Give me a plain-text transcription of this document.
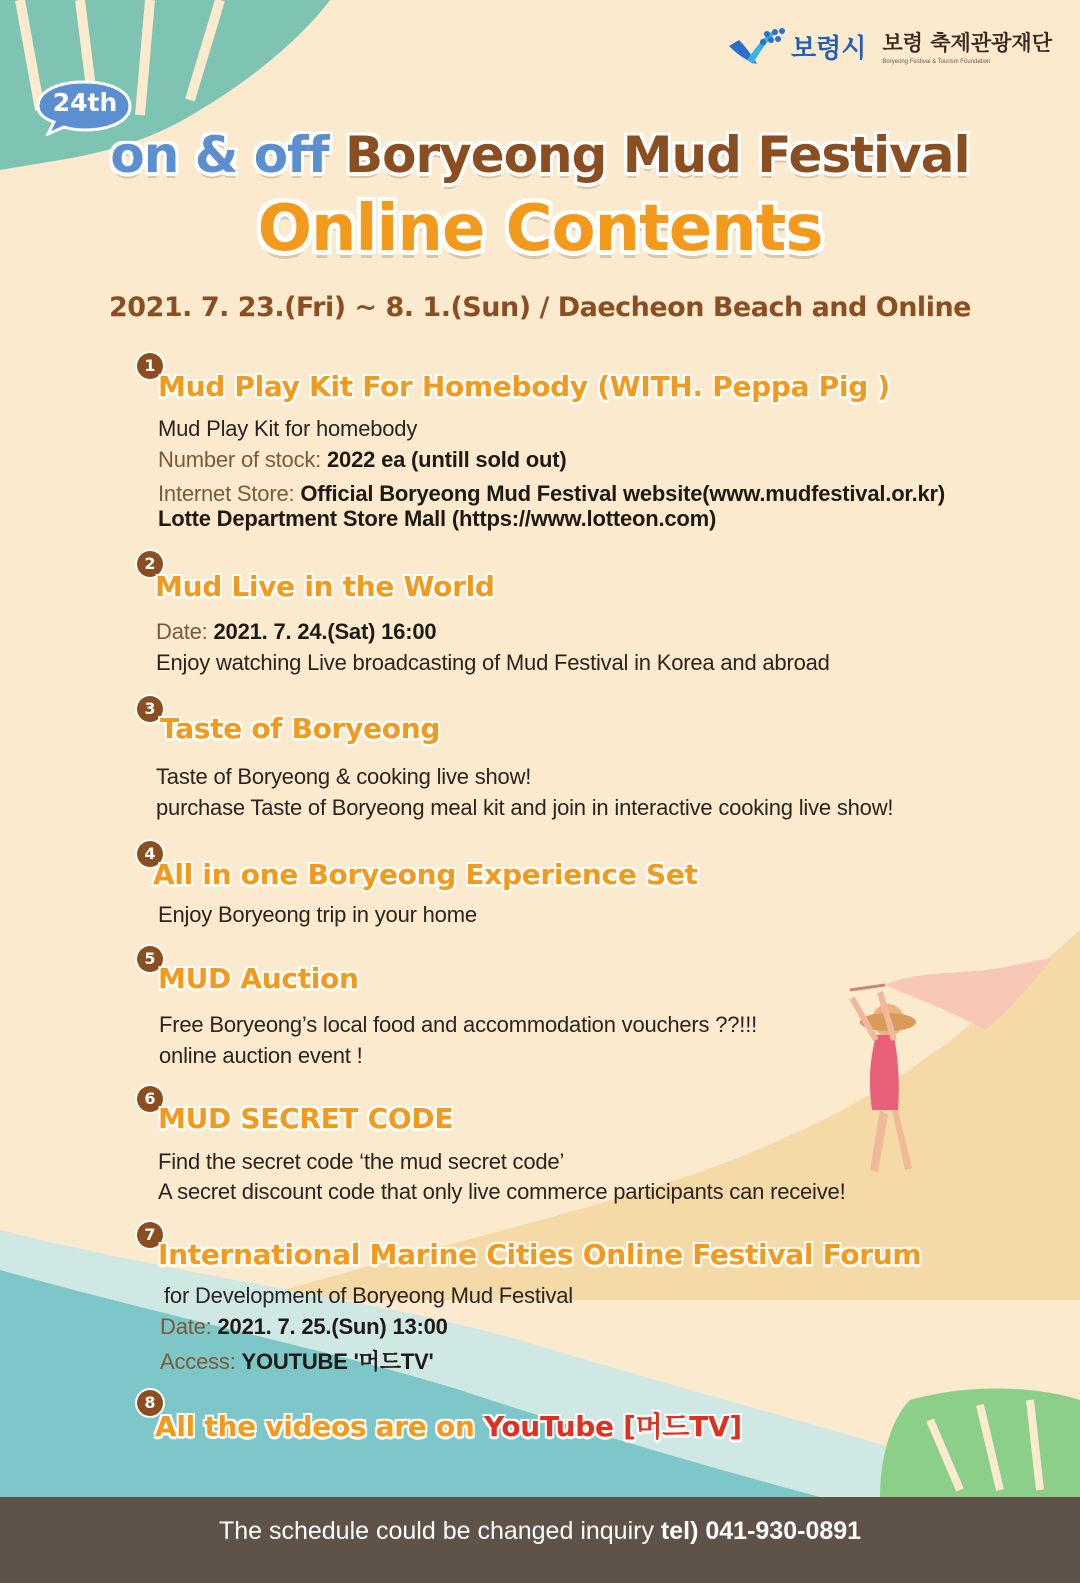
보령시 보령 축제관광재단
Boryeong Festival & Tourism Foundation
24th
on & off Boryeong Mud Festival
Online Contents
2021. 7. 23.(Fri) ~ 8. 1.(Sun) / Daecheon Beach and Online
1
Mud Play Kit For Homebody (WITH. Peppa Pig )
Mud Play Kit for homebody
Number of stock: 2022 ea (untill sold out)
Internet Store: Official Boryeong Mud Festival website(www.mudfestival.or.kr)
Lotte Department Store Mall (https://www.lotteon.com)
2
Mud Live in the World
Date: 2021. 7. 24.(Sat) 16:00
Enjoy watching Live broadcasting of Mud Festival in Korea and abroad
3
Taste of Boryeong
Taste of Boryeong & cooking live show!
purchase Taste of Boryeong meal kit and join in interactive cooking live show!
4
All in one Boryeong Experience Set
Enjoy Boryeong trip in your home
5
MUD Auction
Free Boryeong’s local food and accommodation vouchers ??!!!
online auction event !
6
MUD SECRET CODE
Find the secret code ‘the mud secret code’
A secret discount code that only live commerce participants can receive!
7
International Marine Cities Online Festival Forum
for Development of Boryeong Mud Festival
Date: 2021. 7. 25.(Sun) 13:00
Access: YOUTUBE '머드TV'
8
All the videos are on YouTube [머드TV]
The schedule could be changed inquiry tel) 041-930-0891
